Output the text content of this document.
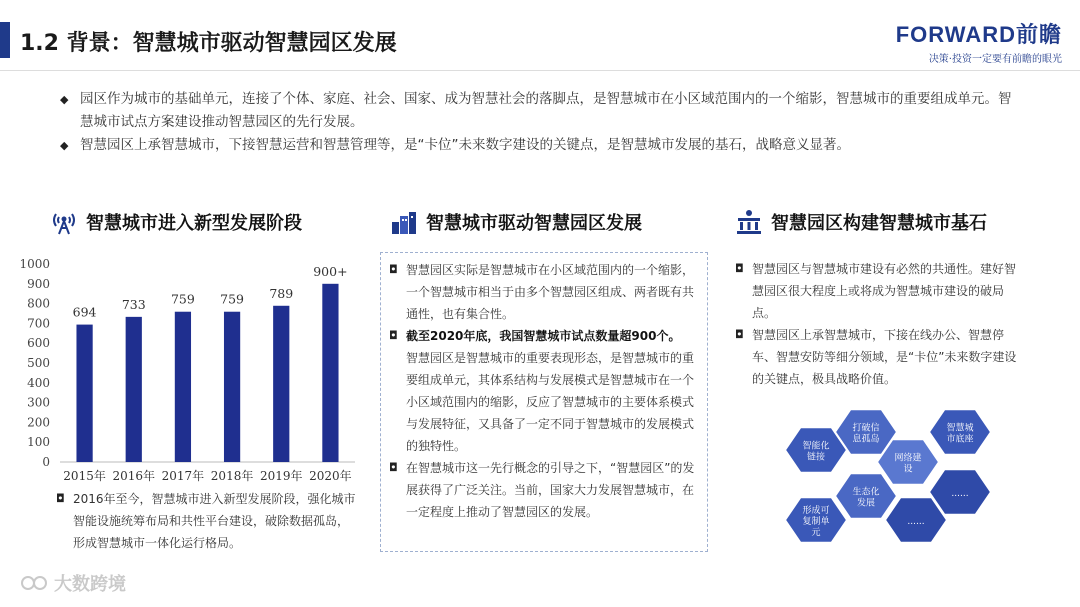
1.2 背景：智慧城市驱动智慧园区发展	FORWARD前瞻
决策·投资一定要有前瞻的眼光
◆ 园区作为城市的基础单元，连接了个体、家庭、社会、国家、成为智慧社会的落脚点，是智慧城市在小区域范围内的一个缩影，智慧城市的重要组成单元。智慧城市试点方案建设推动智慧园区的先行发展。
◆ 智慧园区上承智慧城市，下接智慧运营和智慧管理等，是“卡位”未来数字建设的关键点，是智慧城市发展的基石，战略意义显著。
智慧城市进入新型发展阶段	智慧城市驱动智慧园区发展	智慧园区构建智慧城市基石
0
100
200
300
400
500
600
700
800
900
1000
694
2015年
733
2016年
759
2017年
759
2018年
789
2019年
900+
2020年
◘ 2016年至今，智慧城市进入新型发展阶段，强化城市智能设施统筹布局和共性平台建设，破除数据孤岛，形成智慧城市一体化运行格局。
◘ 智慧园区实际是智慧城市在小区域范围内的一个缩影，一个智慧城市相当于由多个智慧园区组成、两者既有共通性，也有集合性。
◘ 截至2020年底，我国智慧城市试点数量超900个。
智慧园区是智慧城市的重要表现形态，是智慧城市的重要组成单元，其体系结构与发展模式是智慧城市在一个小区域范围内的缩影，反应了智慧城市的主要体系模式与发展特征，又具备了一定不同于智慧城市的发展模式的独特性。
◘ 在智慧城市这一先行概念的引导之下，“智慧园区”的发展获得了广泛关注。当前，国家大力发展智慧城市，在一定程度上推动了智慧园区的发展。
◘ 智慧园区与智慧城市建设有必然的共通性。建好智慧园区很大程度上或将成为智慧城市建设的破局点。
◘ 智慧园区上承智慧城市，下接在线办公、智慧停车、智慧安防等细分领域，是“卡位”未来数字建设的关键点，极具战略价值。
智能化
链接
打破信
息孤岛
智慧城
市底座
网络建
设
生态化
发展
形成可
复制单
元
......
......
大数跨境
